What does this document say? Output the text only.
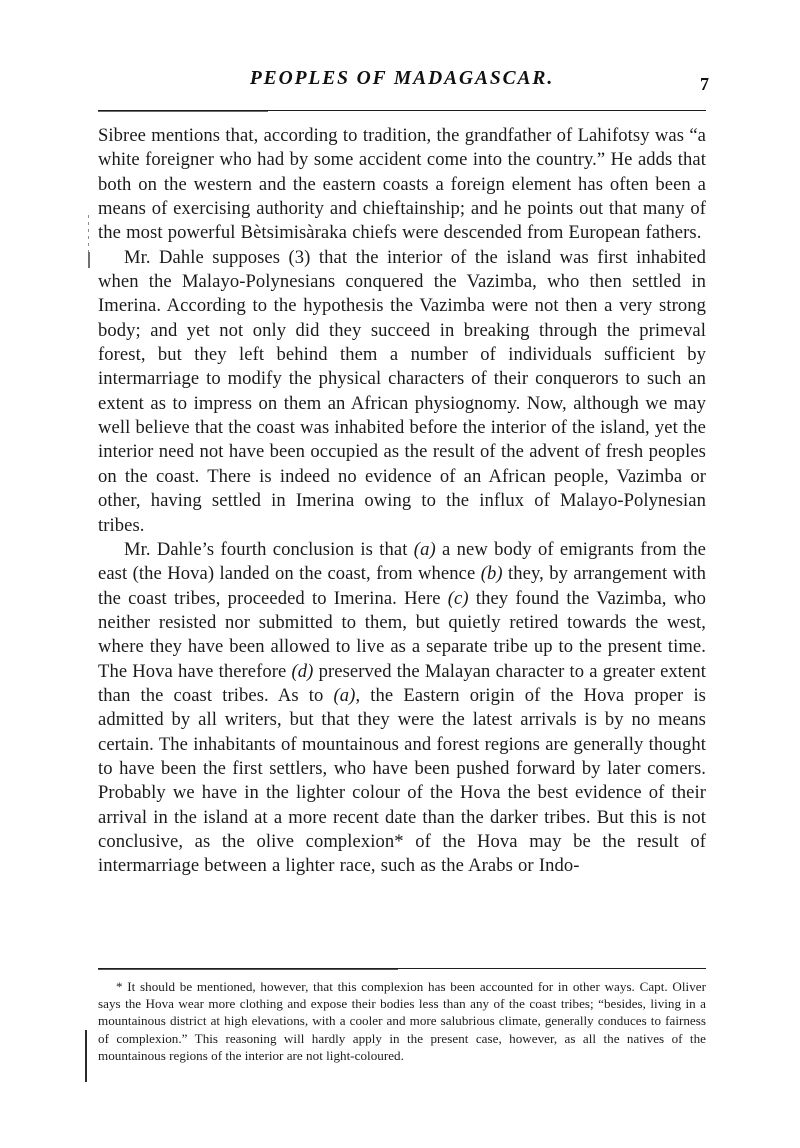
PEOPLES OF MADAGASCAR.	7

Sibree mentions that, according to tradition, the grandfather of Lahifotsy was “a white foreigner who had by some accident come into the country.” He adds that both on the western and the eastern coasts a foreign element has often been a means of exercising authority and chieftainship; and he points out that many of the most powerful Bètsimisàraka chiefs were descended from European fathers.

Mr. Dahle supposes (3) that the interior of the island was first inhabited when the Malayo-Polynesians conquered the Vazimba, who then settled in Imerina. According to the hypothesis the Vazimba were not then a very strong body; and yet not only did they succeed in breaking through the primeval forest, but they left behind them a number of individuals sufficient by intermarriage to modify the physical characters of their conquerors to such an extent as to impress on them an African physiognomy. Now, although we may well believe that the coast was inhabited before the interior of the island, yet the interior need not have been occupied as the result of the advent of fresh peoples on the coast. There is indeed no evidence of an African people, Vazimba or other, having settled in Imerina owing to the influx of Malayo-Polynesian tribes.

Mr. Dahle’s fourth conclusion is that (a) a new body of emigrants from the east (the Hova) landed on the coast, from whence (b) they, by arrangement with the coast tribes, proceeded to Imerina. Here (c) they found the Vazimba, who neither resisted nor submitted to them, but quietly retired towards the west, where they have been allowed to live as a separate tribe up to the present time. The Hova have therefore (d) preserved the Malayan character to a greater extent than the coast tribes. As to (a), the Eastern origin of the Hova proper is admitted by all writers, but that they were the latest arrivals is by no means certain. The inhabitants of mountainous and forest regions are generally thought to have been the first settlers, who have been pushed forward by later comers. Probably we have in the lighter colour of the Hova the best evidence of their arrival in the island at a more recent date than the darker tribes. But this is not conclusive, as the olive complexion* of the Hova may be the result of intermarriage between a lighter race, such as the Arabs or Indo-

* It should be mentioned, however, that this complexion has been accounted for in other ways. Capt. Oliver says the Hova wear more clothing and expose their bodies less than any of the coast tribes; “besides, living in a mountainous district at high elevations, with a cooler and more salubrious climate, generally conduces to fairness of complexion.” This reasoning will hardly apply in the present case, however, as all the natives of the mountainous regions of the interior are not light-coloured.
